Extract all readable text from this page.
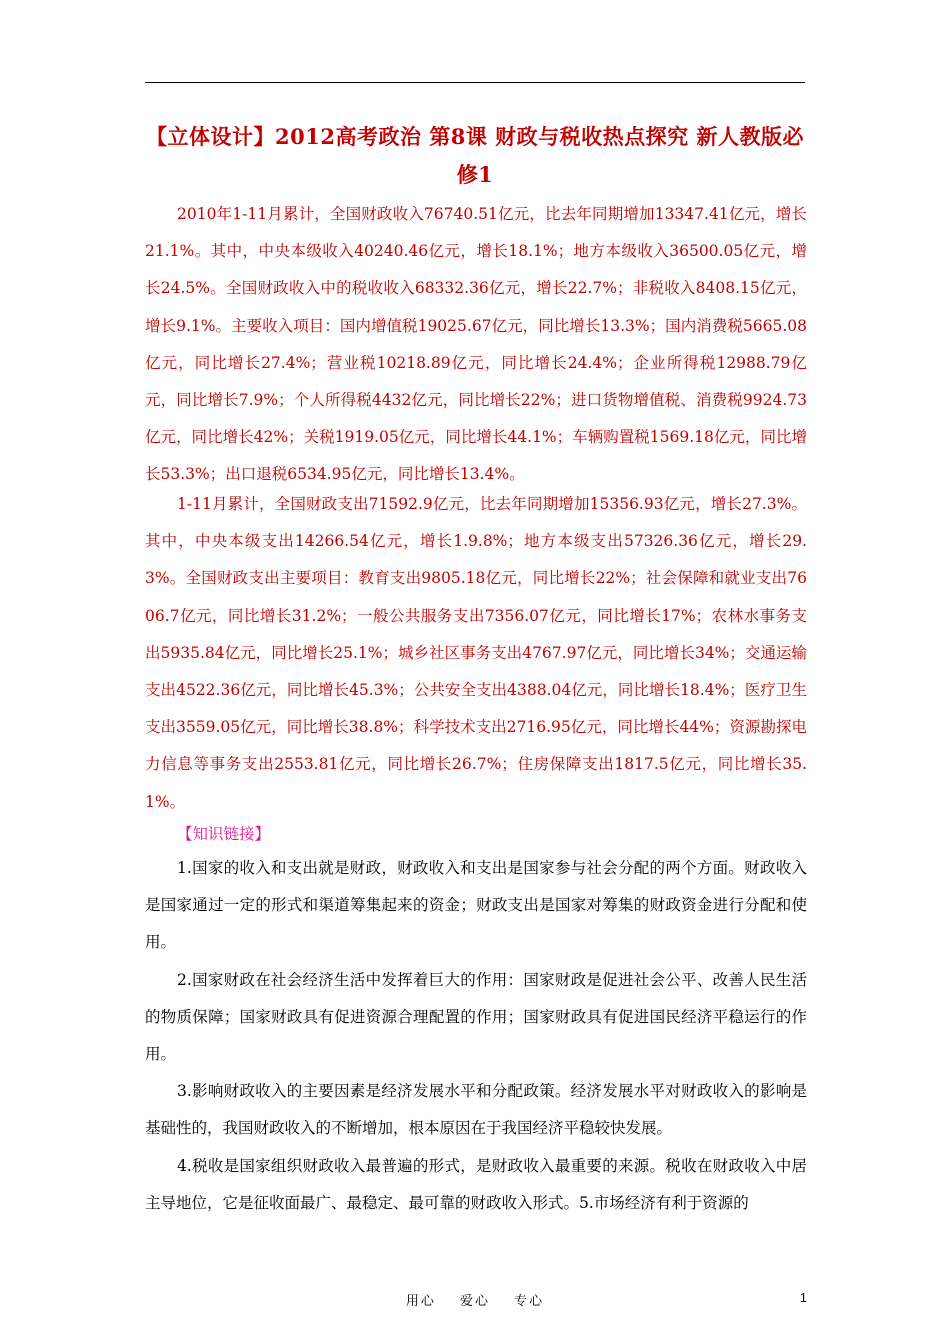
【立体设计】2012高考政治 第8课 财政与税收热点探究 新人教版必修1

2010年1-11月累计，全国财政收入76740.51亿元，比去年同期增加13347.41亿元，增长21.1%。其中，中央本级收入40240.46亿元，增长18.1%；地方本级收入36500.05亿元，增长24.5%。全国财政收入中的税收收入68332.36亿元，增长22.7%；非税收入8408.15亿元，增长9.1%。主要收入项目：国内增值税19025.67亿元，同比增长13.3%；国内消费税5665.08亿元，同比增长27.4%；营业税10218.89亿元，同比增长24.4%；企业所得税12988.79亿元，同比增长7.9%；个人所得税4432亿元，同比增长22%；进口货物增值税、消费税9924.73亿元，同比增长42%；关税1919.05亿元，同比增长44.1%；车辆购置税1569.18亿元，同比增长53.3%；出口退税6534.95亿元，同比增长13.4%。

1-11月累计，全国财政支出71592.9亿元，比去年同期增加15356.93亿元，增长27.3%。其中，中央本级支出14266.54亿元，增长1.9.8%；地方本级支出57326.36亿元，增长29.3%。全国财政支出主要项目：教育支出9805.18亿元，同比增长22%；社会保障和就业支出7606.7亿元，同比增长31.2%；一般公共服务支出7356.07亿元，同比增长17%；农林水事务支出5935.84亿元，同比增长25.1%；城乡社区事务支出4767.97亿元，同比增长34%；交通运输支出4522.36亿元，同比增长45.3%；公共安全支出4388.04亿元，同比增长18.4%；医疗卫生支出3559.05亿元，同比增长38.8%；科学技术支出2716.95亿元，同比增长44%；资源勘探电力信息等事务支出2553.81亿元，同比增长26.7%；住房保障支出1817.5亿元，同比增长35.1%。

【知识链接】

1.国家的收入和支出就是财政，财政收入和支出是国家参与社会分配的两个方面。财政收入是国家通过一定的形式和渠道筹集起来的资金；财政支出是国家对筹集的财政资金进行分配和使用。

2.国家财政在社会经济生活中发挥着巨大的作用：国家财政是促进社会公平、改善人民生活的物质保障；国家财政具有促进资源合理配置的作用；国家财政具有促进国民经济平稳运行的作用。

3.影响财政收入的主要因素是经济发展水平和分配政策。经济发展水平对财政收入的影响是基础性的，我国财政收入的不断增加，根本原因在于我国经济平稳较快发展。

4.税收是国家组织财政收入最普遍的形式，是财政收入最重要的来源。税收在财政收入中居主导地位，它是征收面最广、最稳定、最可靠的财政收入形式。5.市场经济有利于资源的

用心 爱心 专心	1
